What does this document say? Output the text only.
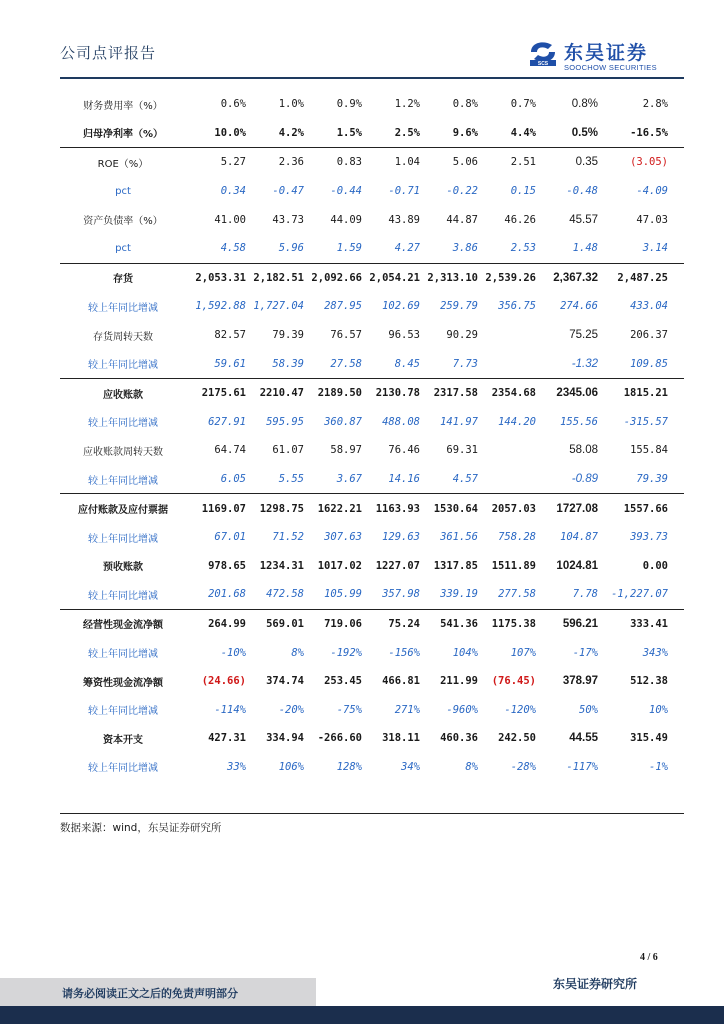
公司点评报告
SCS 东吴证券
SOOCHOW SECURITIES
财务费用率（%）	0.6%	1.0%	0.9%	1.2%	0.8%	0.7%	0.8%	2.8%
归母净利率（%）	10.0%	4.2%	1.5%	2.5%	9.6%	4.4%	0.5%	-16.5%
ROE（%）	5.27	2.36	0.83	1.04	5.06	2.51	0.35	(3.05)
pct	0.34	-0.47	-0.44	-0.71	-0.22	0.15	-0.48	-4.09
资产负债率（%）	41.00	43.73	44.09	43.89	44.87	46.26	45.57	47.03
pct	4.58	5.96	1.59	4.27	3.86	2.53	1.48	3.14
存货	2,053.31	2,182.51	2,092.66	2,054.21	2,313.10	2,539.26	2,367.32	2,487.25
较上年同比增减	1,592.88	1,727.04	287.95	102.69	259.79	356.75	274.66	433.04
存货周转天数	82.57	79.39	76.57	96.53	90.29		75.25	206.37
较上年同比增减	59.61	58.39	27.58	8.45	7.73		-1.32	109.85
应收账款	2175.61	2210.47	2189.50	2130.78	2317.58	2354.68	2345.06	1815.21
较上年同比增减	627.91	595.95	360.87	488.08	141.97	144.20	155.56	-315.57
应收账款周转天数	64.74	61.07	58.97	76.46	69.31		58.08	155.84
较上年同比增减	6.05	5.55	3.67	14.16	4.57		-0.89	79.39
应付账款及应付票据	1169.07	1298.75	1622.21	1163.93	1530.64	2057.03	1727.08	1557.66
较上年同比增减	67.01	71.52	307.63	129.63	361.56	758.28	104.87	393.73
预收账款	978.65	1234.31	1017.02	1227.07	1317.85	1511.89	1024.81	0.00
较上年同比增减	201.68	472.58	105.99	357.98	339.19	277.58	7.78	-1,227.07
经营性现金流净额	264.99	569.01	719.06	75.24	541.36	1175.38	596.21	333.41
较上年同比增减	-10%	8%	-192%	-156%	104%	107%	-17%	343%
筹资性现金流净额	(24.66)	374.74	253.45	466.81	211.99	(76.45)	378.97	512.38
较上年同比增减	-114%	-20%	-75%	271%	-960%	-120%	50%	10%
资本开支	427.31	334.94	-266.60	318.11	460.36	242.50	44.55	315.49
较上年同比增减	33%	106%	128%	34%	8%	-28%	-117%	-1%
数据来源：wind，东吴证券研究所
4 / 6
请务必阅读正文之后的免责声明部分
东吴证券研究所
